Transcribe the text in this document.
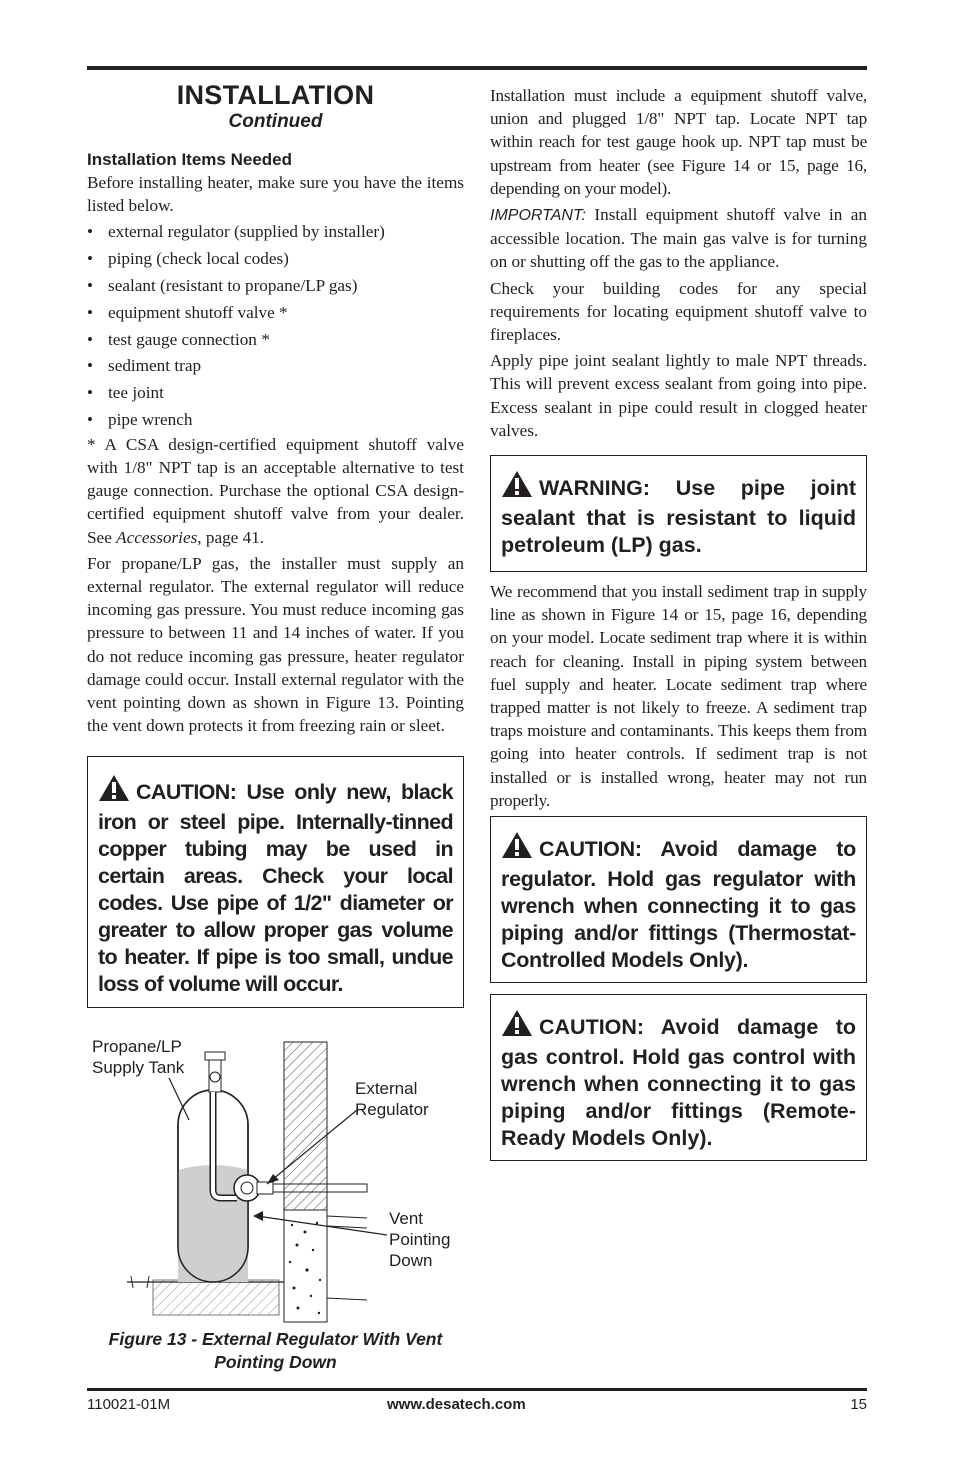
INSTALLATION
Continued
Installation Items Needed

Before installing heater, make sure you have the items listed below.

• external regulator (supplied by installer)
• piping (check local codes)
• sealant (resistant to propane/LP gas)
• equipment shutoff valve *
• test gauge connection *
• sediment trap
• tee joint
• pipe wrench

* A CSA design-certified equipment shutoff valve with 1/8" NPT tap is an acceptable alternative to test gauge connection. Purchase the optional CSA design-certified equipment shutoff valve from your dealer. See Accessories, page 41.

For propane/LP gas, the installer must supply an external regulator. The external regulator will reduce incoming gas pressure. You must reduce incoming gas pressure to between 11 and 14 inches of water. If you do not reduce incoming gas pressure, heater regulator damage could occur. Install external regulator with the vent pointing down as shown in Figure 13. Pointing the vent down protects it from freezing rain or sleet.

CAUTION: Use only new, black iron or steel pipe. Internally-tinned copper tubing may be used in certain areas. Check your local codes. Use pipe of 1/2" diameter or greater to allow proper gas volume to heater. If pipe is too small, undue loss of volume will occur.
Propane/LP Supply Tank
External Regulator
Vent Pointing Down
Figure 13 - External Regulator With Vent Pointing Down

Installation must include a equipment shutoff valve, union and plugged 1/8" NPT tap. Locate NPT tap within reach for test gauge hook up. NPT tap must be upstream from heater (see Figure 14 or 15, page 16, depending on your model).

IMPORTANT: Install equipment shutoff valve in an accessible location. The main gas valve is for turning on or shutting off the gas to the appliance.

Check your building codes for any special requirements for locating equipment shutoff valve to fireplaces.

Apply pipe joint sealant lightly to male NPT threads. This will prevent excess sealant from going into pipe. Excess sealant in pipe could result in clogged heater valves.

WARNING: Use pipe joint sealant that is resistant to liquid petroleum (LP) gas.

We recommend that you install sediment trap in supply line as shown in Figure 14 or 15, page 16, depending on your model. Locate sediment trap where it is within reach for cleaning. Install in piping system between fuel supply and heater. Locate sediment trap where trapped matter is not likely to freeze. A sediment trap traps moisture and contaminants. This keeps them from going into heater controls. If sediment trap is not installed or is installed wrong, heater may not run properly.

CAUTION: Avoid damage to regulator. Hold gas regulator with wrench when connecting it to gas piping and/or fittings (Thermostat-Controlled Models Only).
CAUTION: Avoid damage to gas control. Hold gas control with wrench when connecting it to gas piping and/or fittings (Remote-Ready Models Only).
110021-01M	www.desatech.com	15
